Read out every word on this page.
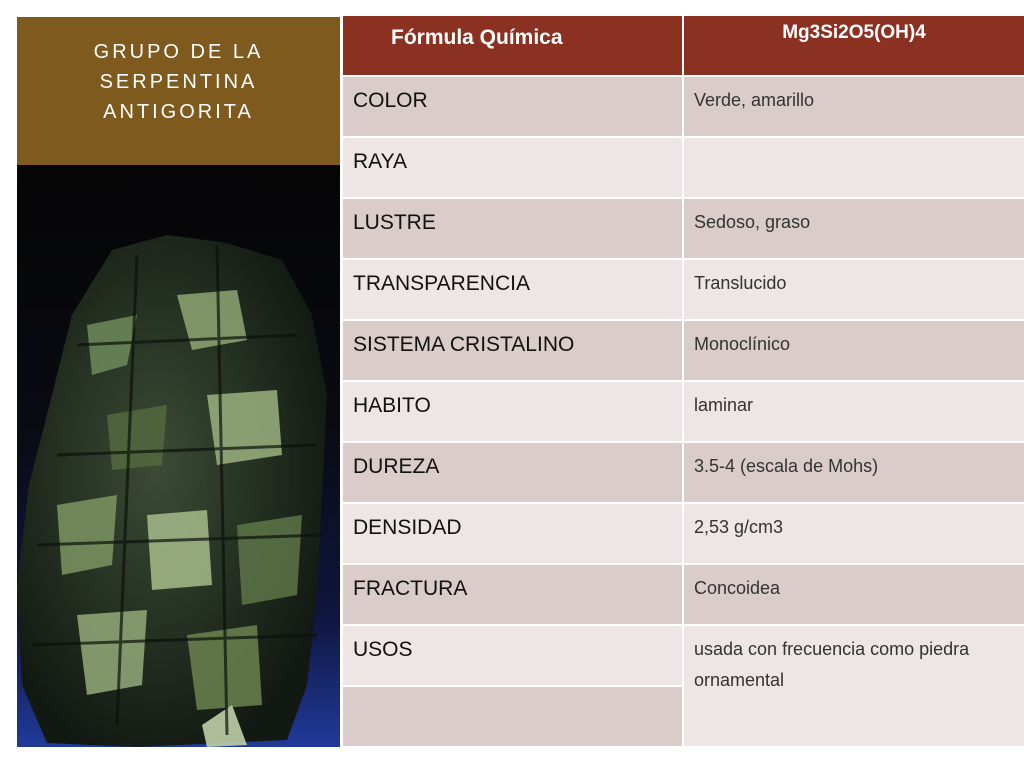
GRUPO DE LA
SERPENTINA
ANTIGORITA
Fórmula Química	Mg3Si2O5(OH)4
COLOR	Verde, amarillo
RAYA	
LUSTRE	Sedoso, graso
TRANSPARENCIA	Translucido
SISTEMA CRISTALINO	Monoclínico
HABITO	laminar
DUREZA	3.5-4 (escala de Mohs)
DENSIDAD	2,53 g/cm3
FRACTURA	Concoidea
USOS	usada con frecuencia como piedra ornamental
